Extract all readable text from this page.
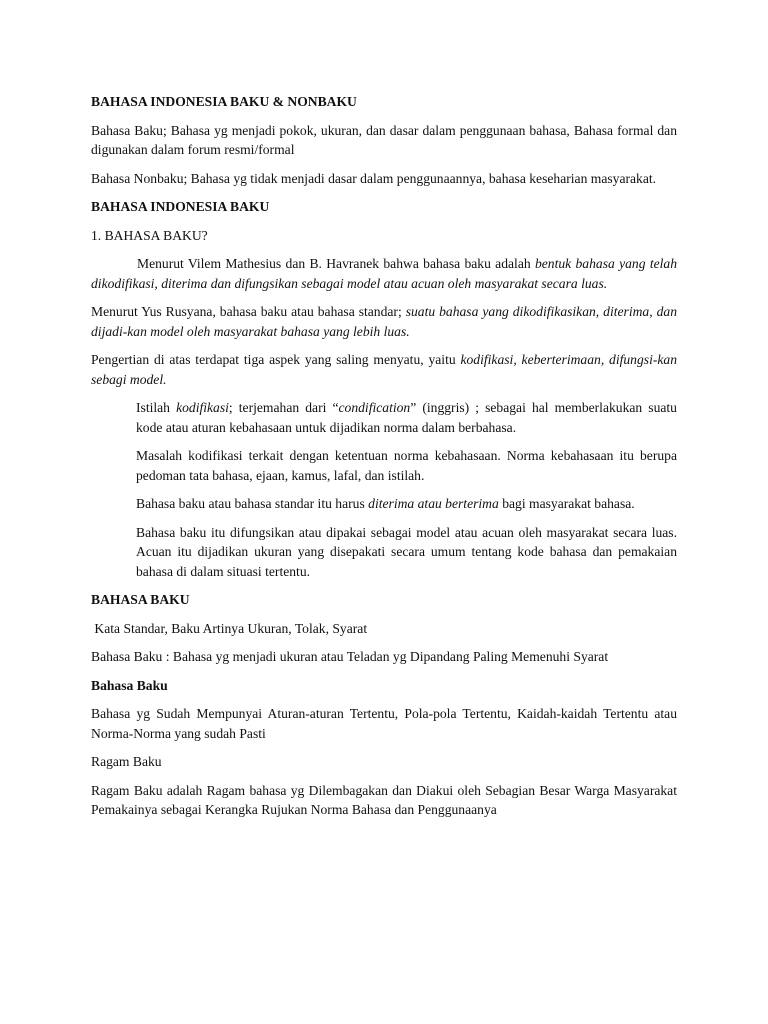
BAHASA INDONESIA BAKU & NONBAKU

Bahasa Baku; Bahasa yg menjadi pokok, ukuran, dan dasar dalam penggunaan bahasa, Bahasa formal dan digunakan dalam forum resmi/formal

Bahasa Nonbaku; Bahasa yg tidak menjadi dasar dalam penggunaannya, bahasa keseharian masyarakat.

BAHASA INDONESIA BAKU

1. BAHASA BAKU?

Menurut Vilem Mathesius dan B. Havranek bahwa bahasa baku adalah bentuk bahasa yang telah dikodifikasi, diterima dan difungsikan sebagai model atau acuan oleh masyarakat secara luas.

Menurut Yus Rusyana, bahasa baku atau bahasa standar; suatu bahasa yang dikodifikasikan, diterima, dan dijadi-kan model oleh masyarakat bahasa yang lebih luas.

Pengertian di atas terdapat tiga aspek yang saling menyatu, yaitu kodifikasi, keberterimaan, difungsi-kan sebagi model.

Istilah kodifikasi; terjemahan dari “condification” (inggris) ; sebagai hal memberlakukan suatu kode atau aturan kebahasaan untuk dijadikan norma dalam berbahasa.
Masalah kodifikasi terkait dengan ketentuan norma kebahasaan. Norma kebahasaan itu berupa pedoman tata bahasa, ejaan, kamus, lafal, dan istilah.
Bahasa baku atau bahasa standar itu harus diterima atau berterima bagi masyarakat bahasa.
Bahasa baku itu difungsikan atau dipakai sebagai model atau acuan oleh masyarakat secara luas. Acuan itu dijadikan ukuran yang disepakati secara umum tentang kode bahasa dan pemakaian bahasa di dalam situasi tertentu.

BAHASA BAKU

Kata Standar, Baku Artinya Ukuran, Tolak, Syarat

Bahasa Baku : Bahasa yg menjadi ukuran atau Teladan yg Dipandang Paling Memenuhi Syarat

Bahasa Baku

Bahasa yg Sudah Mempunyai Aturan-aturan Tertentu, Pola-pola Tertentu, Kaidah-kaidah Tertentu atau Norma-Norma yang sudah Pasti

Ragam Baku

Ragam Baku adalah Ragam bahasa yg Dilembagakan dan Diakui oleh Sebagian Besar Warga Masyarakat Pemakainya sebagai Kerangka Rujukan Norma Bahasa dan Penggunaanya
